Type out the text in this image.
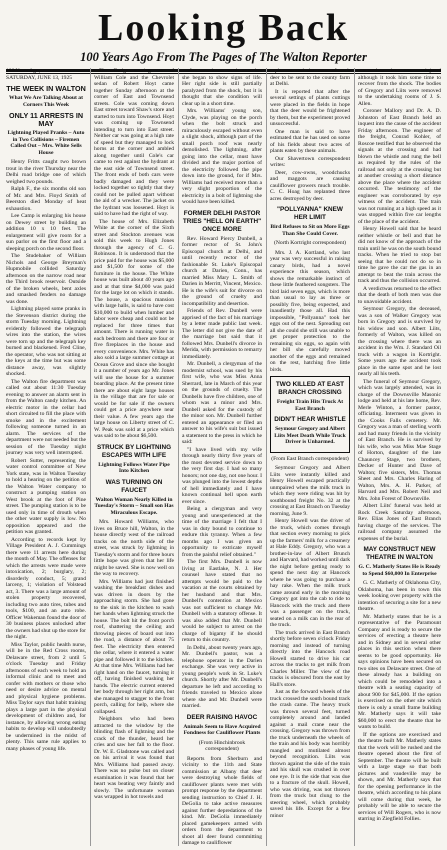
Looking Back
100 Years Ago From The Pages of The Walton Reporter
100 Years Ago,
SATURDAY, JUNE 13, 1925
THE WEEK IN WALTON
What We Are Talking About at Corners This Week
ONLY 11 ARRESTS IN MAY
Lightning Played Pranks – Auto in Two Collisions – Firemen Called Out – Mrs. White Sells House

Henry Fritts caught two brown trout in the river Thursday near the Delhi road bridge one of which weighed two pounds.

Ralph F., the six months old son of Mr. and Mrs. Floyd Smith of Beerston died Monday of heat exhaustion.

Lee Camp is enlarging his house on Dewey street by building an addition 10 x 10 feet. The enlargement will give room for a sun parlor on the first floor and a sleeping porch on the second floor.

The Studebaker of William Nichols and George Breyman's Hupmobile collided Saturday afternoon on the narrow road near the Third brook reservoir. Outside of the broken wheels, bent axles and smashed fenders no damage was done.

Lightning played some pranks in the Stevenson district during the storm Tuesday morning. Lightning evidently followed the telegraph wires into the station, the wires were torn up and the telegraph key burned and blackened. Fred Cline, the operator, who was not sitting at the keys at the time but was some distance away, was slightly shocked.

The Walton fire department was called out about 11:30 Tuesday evening to answer an alarm sent in from the Walton candy kitchen. An electric motor in the cellar had short circuited to fill the place with smoke and in the excitement following someone turned in an alarm. The services of the department were not needed but the session of the Tuesday night journey was very well interrupted.

Robert Sutter, representing the water control committee of New York state, was in Walton Tuesday to hold a hearing on the petition of the Walton Water company to construct a pumping station on West brook at the foot of Pine street. The pumping station is to be used only in time of drouth when the other water supply is low. No opposition appeared and the petition was granted.

According to records kept by Village President A. J. Cummings there were 11 arrests here during the month of May. The offenses for which the arrests were made were intoxication, 2; burglary, 2; disorderly conduct, 5; grand larceny, 1; violation of Volstead act, 3. There was a large amount of stolen property recovered, including two auto tires, tubes and tools, $100, and an auto robe. Officer Wakeman found the door of 30 business places unlocked after the owners had shut up the store for the night.

Miss Taylor, public health nurse, will be in the Red Cross rooms, Delaware street, from 2 until 5 o'clock Tuesday and Friday afternoons of each week to hold an informal clinic and to meet and confer with mothers or those who need or desire advice on mental and physical hygiene problems. Miss Taylor says that habit training plays a large part in the physical development of children and, for instance, by allowing wrong eating habits to develop will undoubtedly be undermined in the midst of plenty. This same rule applies to many phases of young life.

The Dodge touring car of William Cole and the Chevrolet sedan of Robert Hoyt came together Sunday afternoon at the corner of East and Townsend streets. Cole was coming down East street toward Shaw's store and started to turn into Townsend. Hoyt was coming up Townsend intending to turn into East street. Neither car was going at a high rate of speed but they managed to lock horns at the corner and ambled along together until Cole's car came to rest against the hydrant at the east side of Townsend street. The front ends of both cars were badly damaged and they were locked together so tightly that they could not be pulled apart without the aid of a wrecker. The jacket on the hydrant was loosened. Hoyt is said to have had the right of way.

The house of Mrs. Elizabeth White at the corner of the Sixth street and Stockton avenues was sold this week to Hugh Jones through the agency of C. G. Robinson. It is understood that the price paid for the house was $5,000 and $1,500 for some of the furniture in the house. The White house was built about 40 years ago and at that time $4,000 was paid for the large lot on which it stands. The house, a spacious mansion with large halls, is said to have cost $10,000 to build when lumber and labor were cheap and could not be replaced for three times that amount. There is running water in each bedroom and there are four or five fireplaces in the house and every convenience. Mrs. White has also sold a large summer cottage at Ocean Grove and since she bought it a number of years ago Mr. Jones will use the house for a summer boarding place. At the present time there are about eight large houses in the village that are for sale or would be for sale if the owners could get a price anywhere near their value. A few years ago the large house on Liberty street of C. W. Peak was sold at a price which was said to be about $6,500.

STRUCK BY LIGHTNING ESCAPES WITH LIFE
Lightning Follows Water Pipe Into Kitchen
WAS TURNING ON FAUCET
Walton Woman Nearly Killed in Tuesday's Storm – Small son Has Miraculous Escape.

Mrs. Howard Williams, who lives on Bruce hill, Walton, in the house directly west of the railroad tracks on the north side of the street, was struck by lightning in Tuesday's storm and for three hours little hope was given that her life might be saved. She is now well on the way to recovery.

Mrs. Williams had just finished washing the breakfast dishes and was driven in doors by the approaching storm. She had gone to the sink in the kitchen to wash her hands when lightning struck the house. The bolt hit the front porch roof, shattering the ceiling and throwing pieces of board out into the road, a distance of about 75 feet. The electricity then entered the cellar, where it entered a water pipe and followed it to the kitchen. At that time Mrs. Williams had her right hand on the faucet, turning it off, having finished washing her hands. The electric current entered her body through her right arm, but she managed to stagger to the front porch, calling for help, where she collapsed.

Neighbors who had been attracted to the window by the blinding flash of lightning and the crack of the thunder, heard her cries and saw her fall to the floor. Dr. W. E. Gladstone was called and on his arrival it was found that Mrs. Williams had passed away. There was no pulse but on closer examination it was found that her heart was beating very faintly and slowly. The unfortunate woman was wrapped in hot towels and

after two hours work over her she began to show signs of life. Her right side is still partially paralyzed from the shock, but it is thought that she condition will clear up in a short time.

Mrs. Williams' young son, Clyde, was playing on the porch when the bolt struck and miraculously escaped without even a slight shock, although part of the small porch roof was nearly demolished. The lightning, after going into the cellar, must have divided and the major portion of the electricity followed the pipe down into the ground, for if Mrs. Williams had received more than a very slight proportion of the electricity in a bolt of lightning she would have been killed.

FORMER DELHI PASTOR TRIES "HELL ON EARTH" ONCE MORE

Rev. Howard Piercy Dunbell, a former rector of St. John's Episcopal church at Delhi, and until recently rector of the fashionable St. Luke's Episcopal church at Darien, Conn., has married Miss Mary L. Smith of Darien in Merritt, Vincent, Mexico. He is the wife's suit for divorce on the ground of cruelty and incompatibility and desertion.

Friends of Rev. Dunbell were apprised of the fact of his marriage by a letter made public last week. The letter did not give the date of the marriage but said that it followed Mrs. Dunbell's divorce in Merida, with permission to remarry immediately.

Mr. Dunbell, a clergyman of the modernist school, was sued by his first wife, who was Miss Anna Sherrard, late in March of this year on the grounds of cruelty. The Dunbells have five children, one of whom was a minor and Mrs. Dunbell asked for the custody of the minor son. Mr. Dunbell further entered an appearance or filed an answer to his wife's suit but issued a statement to the press in which he said:

"I have lived with my wife through nearly thirty five years of the most devoted service down to the very first day. I had so many honors; not one day, not one hour. I was plunged into the lowest depths of hell immediately and I have known continual hell upon earth ever since.

Being a clergyman and very young and unexperienced at the time of the marriage I felt that I was in duty bound to continue to endure this tyranny. When a few months ago I was given an opportunity to extricate myself from the painful relief obtained."

The first Mrs. Dunbell is now living at Eastlake, N. J. Her counsel have stated that no attempts would be paid to the vacation at the courts obtained by her husband and that Mrs. Dunbell's contention at Mexico was not sufficient to change Mr. Dunbell with a statutory offense. It was also added that Mr. Dunbell would be subject to arrest on the charge of bigamy if he should return to this country.

In Delhi, about twenty years ago, Mr. Dunbell's pastor, was a telephone operator in the Darien exchange. She was very active in young people's work in St. Luke's church. Shortly after Mr. Dunbell's departure he left and according to friends traveled to Mexico alone where she and Mr. Dunbell were married.

DEER RAISING HAVOC
Animals Seem to Have Acquired Fondness for Cauliflower Plants
(From Hinchinbrook correspondent)

Reports from Sherburn and vicinity to the 11th and State commission at Albany that deer were destroying whole fields of cauliflower plants were met with prompt response by the department sending instruction to Chief J. H. DeGolia to take active measures against further depredations of the kind. Mr. DeGolia immediately placed gamekeepers armed with orders from the department to shoot all deer found committing damage to cauliflower

planters and the meat of such deer to be sent to the county farm at Delhi.

It is reported that after the several settings of plants cuttings were placed in the fields in hope that the deer would be frightened by them, but the experiment proved unsuccessful.

One man is said to have estimated that he has used on some of his fields about two acres of plants eaten by these animals.

Our Shavertown correspondent writes:

Deer, cow-owns, woodchucks and maggots are causing cauliflower growers much trouble. C. C. Hoag has replanted three acres destroyed by deer.

"POLLYANNA" KNEW HER LIMIT
Bird Refuses to Sit on More Eggs Than She Could Cover.
(North Kortright correspondent)

Mrs. J. A. Kortland, who last year was very successful in raising canary birds, had a novel experience this season, which shows the remarkable instinct of these little feathered songsters. The bird laid seven eggs, which is more than usual to lay as three or possibly five, being expected, and inaudiently those all. Had this impossible, "Pollyanna" took her eggs out of the nest. Spreading out all she could she still was unable to get proper protection to the remaining six eggs, so again with her bill she carefully moved another of the eggs and remained on the rest, hatching five little birds.

TWO KILLED AT EAST BRANCH CROSSING
Freight Train Hits Truck At East Branch
DIDN'T HEAR WHISTLE
Seymour Gregory and Albert Liits Meet Death While Truck Driver is Unharmed.
(From East Branch correspondent)

Seymour Gregory and Albert Liits were instantly killed and Henry Howell escaped practically unmpaired when the milk truck in which they were riding was hit by southbound freight No. 32 at the crossing at East Branch on Tuesday morning, June 9.

Henry Howell was the driver of the truck, which comes through that section every morning to pick up the farmers' milk for a creamery at Hale Eddy. Gregory, who was a brother-in-law of Albert Brunch and Harvard, had worked until dark the night before getting ready to spend the next day at Hancock where he was going to purchase a hay rake. When the milk truck came around early in the morning Gregory got into the cab to ride to Hancock with the truck and there was a passenger on the truck, seated on a milk can in the rear of the truck.

The truck arrived in East Branch shortly before seven o'clock Friday morning and instead of turning directly into the Hancock road Howell started to drive his car across the tracks to get milk from Charles Miller. The view of the tracks is obscured from the east by Hall's store.

Just as the forward wheels of the truck crossed the south bound track the crash came. The heavy truck was thrown several feet, turned completely around and landed against a mail crane near the crossing. Gregory was thrown from the truck underneath the wheels of the train and his body was horribly mangled and mutilated almost beyond recognition. Liits was thrown against the side of the train and his skull was crushed in over one eye. It is the side that was due to a fracture of the skull. Howell, who was driving, was not thrown from the truck but clung to the steering wheel, which probably saved his life. Except for a few minor

scratches he was uninjured although it took him some time to recover from the shock. The bodies of Gregory and Liits were removed to the undertaking rooms of J. S. Allen.

Coroner Mallory and Dr. A. D. Johnston of East Branch held an inquest into the cause of the accident Friday afternoon. The engineer of the freight, Conrad Kohler, of Roscoe testified that he observed the signals at the crossing and had blown the whistle and rung the bell as required by the rules of the railroad not only at the crossing but at another crossing a short distance above the place where the accident occurred. The testimony of the engineer was corroborated by eye witness of the accident. The train was not running at a high speed as it was stopped within five car lengths of the place of the accident.

Henry Howell said that he heard neither whistle or bell and that he did not know of the approach of the train until he was on the south bound tracks. When he tried to stop but seeing that he could not do so in time he gave the car the gas in an attempt to beat the train across the track and thus the collision occurred.

A verdictwas returned to the effect that the death of both men was due to unavoidable accident.

Seymour Gregory, the deceased, was a son of Walker Gregory was born in Gregory and is survived by his widow and son. Albert Liits, formerly of Walton, was killed on the crossing where there was an accident in the Wm. J. Standard Oil truck with a wagon in Kortright. Some years ago the accident took place in the same spot and he lost nearly all his teeth.

The funeral of Seymour Gregory, which was largely attended, was in charge of the Downsville Masonic lodge and held at his late home, Rev. Merle Winton, a former pastor, officiating. Interment was given in the Cooks Falls cemetery. Mr. Gregory was a man of sterling worth and had many friends in the vicinity of East Branch. He is survived by his wife, who was Miss Mae Stage of Horton, daughter of the late Chauncey Stage, two brothers, Decker of Hunter and Dave of Walton; five sisters, Mrs. Thomas Sheet and Mrs. Charles Haring of Walton, Mrs. A. H. Parker, of Harvard and Mrs. Robert Neil and Mrs. John Forest of Downsville.

Albert Liits' funeral was held at Rock Creek Saturday afternoon, Rev. Elias Jones of East Branch having charge of the services. The railroad company assumed the expenses of the burial.

MAY CONSTRUCT NEW THEATRE IN WALTON
G. C. Matherly States He is Ready to Spend $60,000 In Enterprise

G. C. Matherly of Oklahoma City, Oklahoma, has been in town this week looking over property with the intention of securing a site for a new theatre.

Mr. Matherly states that he is a representative of the Paramount Company and is ready to secure the services of erecting a theatre here and in Sidney and in several other places in this section when there seems to be good opportunity. He says opinions have been secured on two sites on Delaware street. One of these already has a building on which could be remodeled into a theatre with a seating capacity of about 900 for $45,000. If the option is exercised on the other site which there is only a small frame building Mr. Matherly says it will take $60,000 to erect the theatre that he wants to build.

If the options are exercised and the theatre built Mr. Matherly states that the work will be rushed and the theatre opened about the first of September. The theatre will be built with a large stage so that both pictures and vaudeville may be shown, and Mr. Matherly says that for the opening performance in the theatre, which according to his plans will come during that week, he probably will be able to secure the services of Will Rogers, who is now starring in Ziegfield Follies.
